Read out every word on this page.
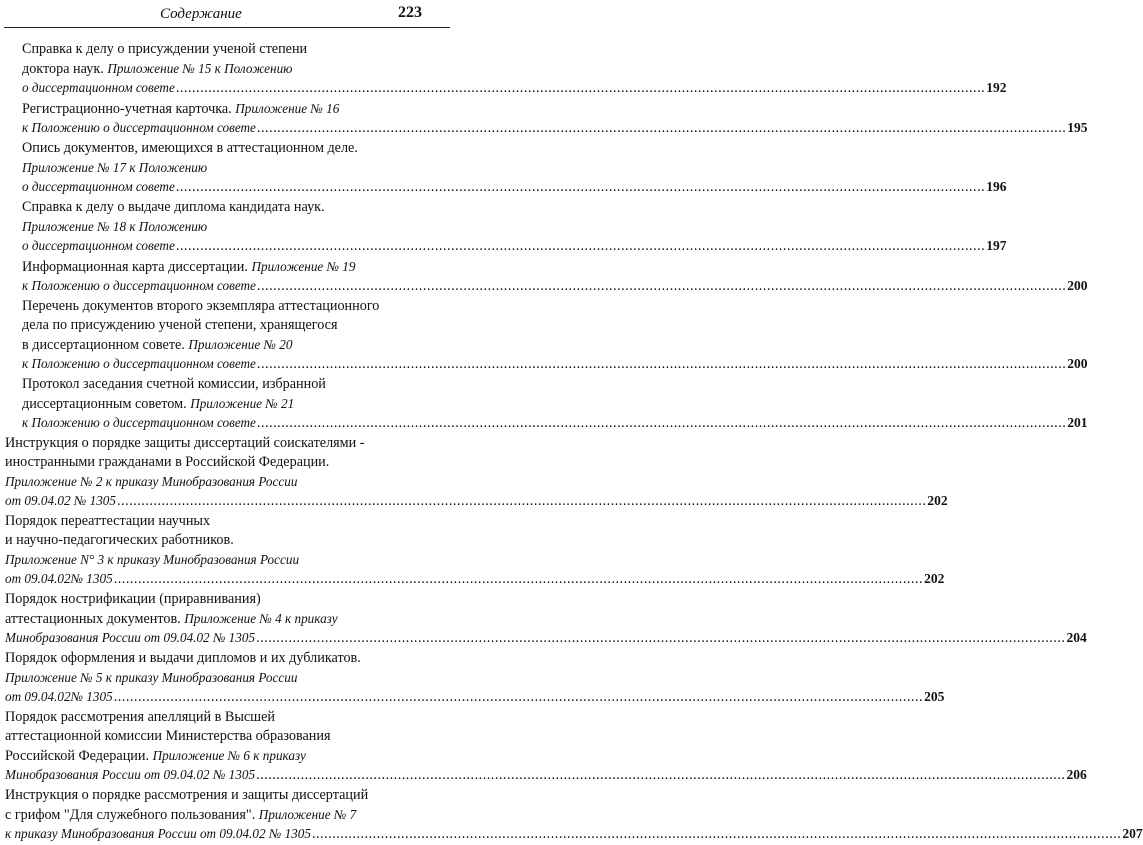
Содержание	223
Справка к делу о присуждении ученой степени
доктора наук. Приложение № 15 к Положению
о диссертационном совете ........................................................................................................................................................................................................ 192
Регистрационно-учетная карточка. Приложение № 16
к Положению о диссертационном совете ........................................................................................................................................................................................................ 195
Опись документов, имеющихся в аттестационном деле.
Приложение № 17 к Положению
о диссертационном совете ........................................................................................................................................................................................................ 196
Справка к делу о выдаче диплома кандидата наук.
Приложение № 18 к Положению
о диссертационном совете ........................................................................................................................................................................................................ 197
Информационная карта диссертации. Приложение № 19
к Положению о диссертационном совете ........................................................................................................................................................................................................ 200
Перечень документов второго экземпляра аттестационного
дела по присуждению ученой степени, хранящегося
в диссертационном совете. Приложение № 20
к Положению о диссертационном совете ........................................................................................................................................................................................................ 200
Протокол заседания счетной комиссии, избранной
диссертационным советом. Приложение № 21
к Положению о диссертационном совете ........................................................................................................................................................................................................ 201
Инструкция о порядке защиты диссертаций соискателями -
иностранными гражданами в Российской Федерации.
Приложение № 2 к приказу Минобразования России
от 09.04.02 № 1305 ........................................................................................................................................................................................................ 202
Порядок переаттестации научных
и научно-педагогических работников.
Приложение N° 3 к приказу Минобразования России
от 09.04.02№ 1305 ........................................................................................................................................................................................................ 202
Порядок нострификации (приравнивания)
аттестационных документов. Приложение № 4 к приказу
Минобразования России от 09.04.02 № 1305 ........................................................................................................................................................................................................ 204
Порядок оформления и выдачи дипломов и их дубликатов.
Приложение № 5 к приказу Минобразования России
от 09.04.02№ 1305 ........................................................................................................................................................................................................ 205
Порядок рассмотрения апелляций в Высшей
аттестационной комиссии Министерства образования
Российской Федерации. Приложение № 6 к приказу
Минобразования России от 09.04.02 № 1305 ........................................................................................................................................................................................................ 206
Инструкция о порядке рассмотрения и защиты диссертаций
с грифом "Для служебного пользования". Приложение № 7
к приказу Минобразования России от 09.04.02 № 1305 ........................................................................................................................................................................................................ 207
